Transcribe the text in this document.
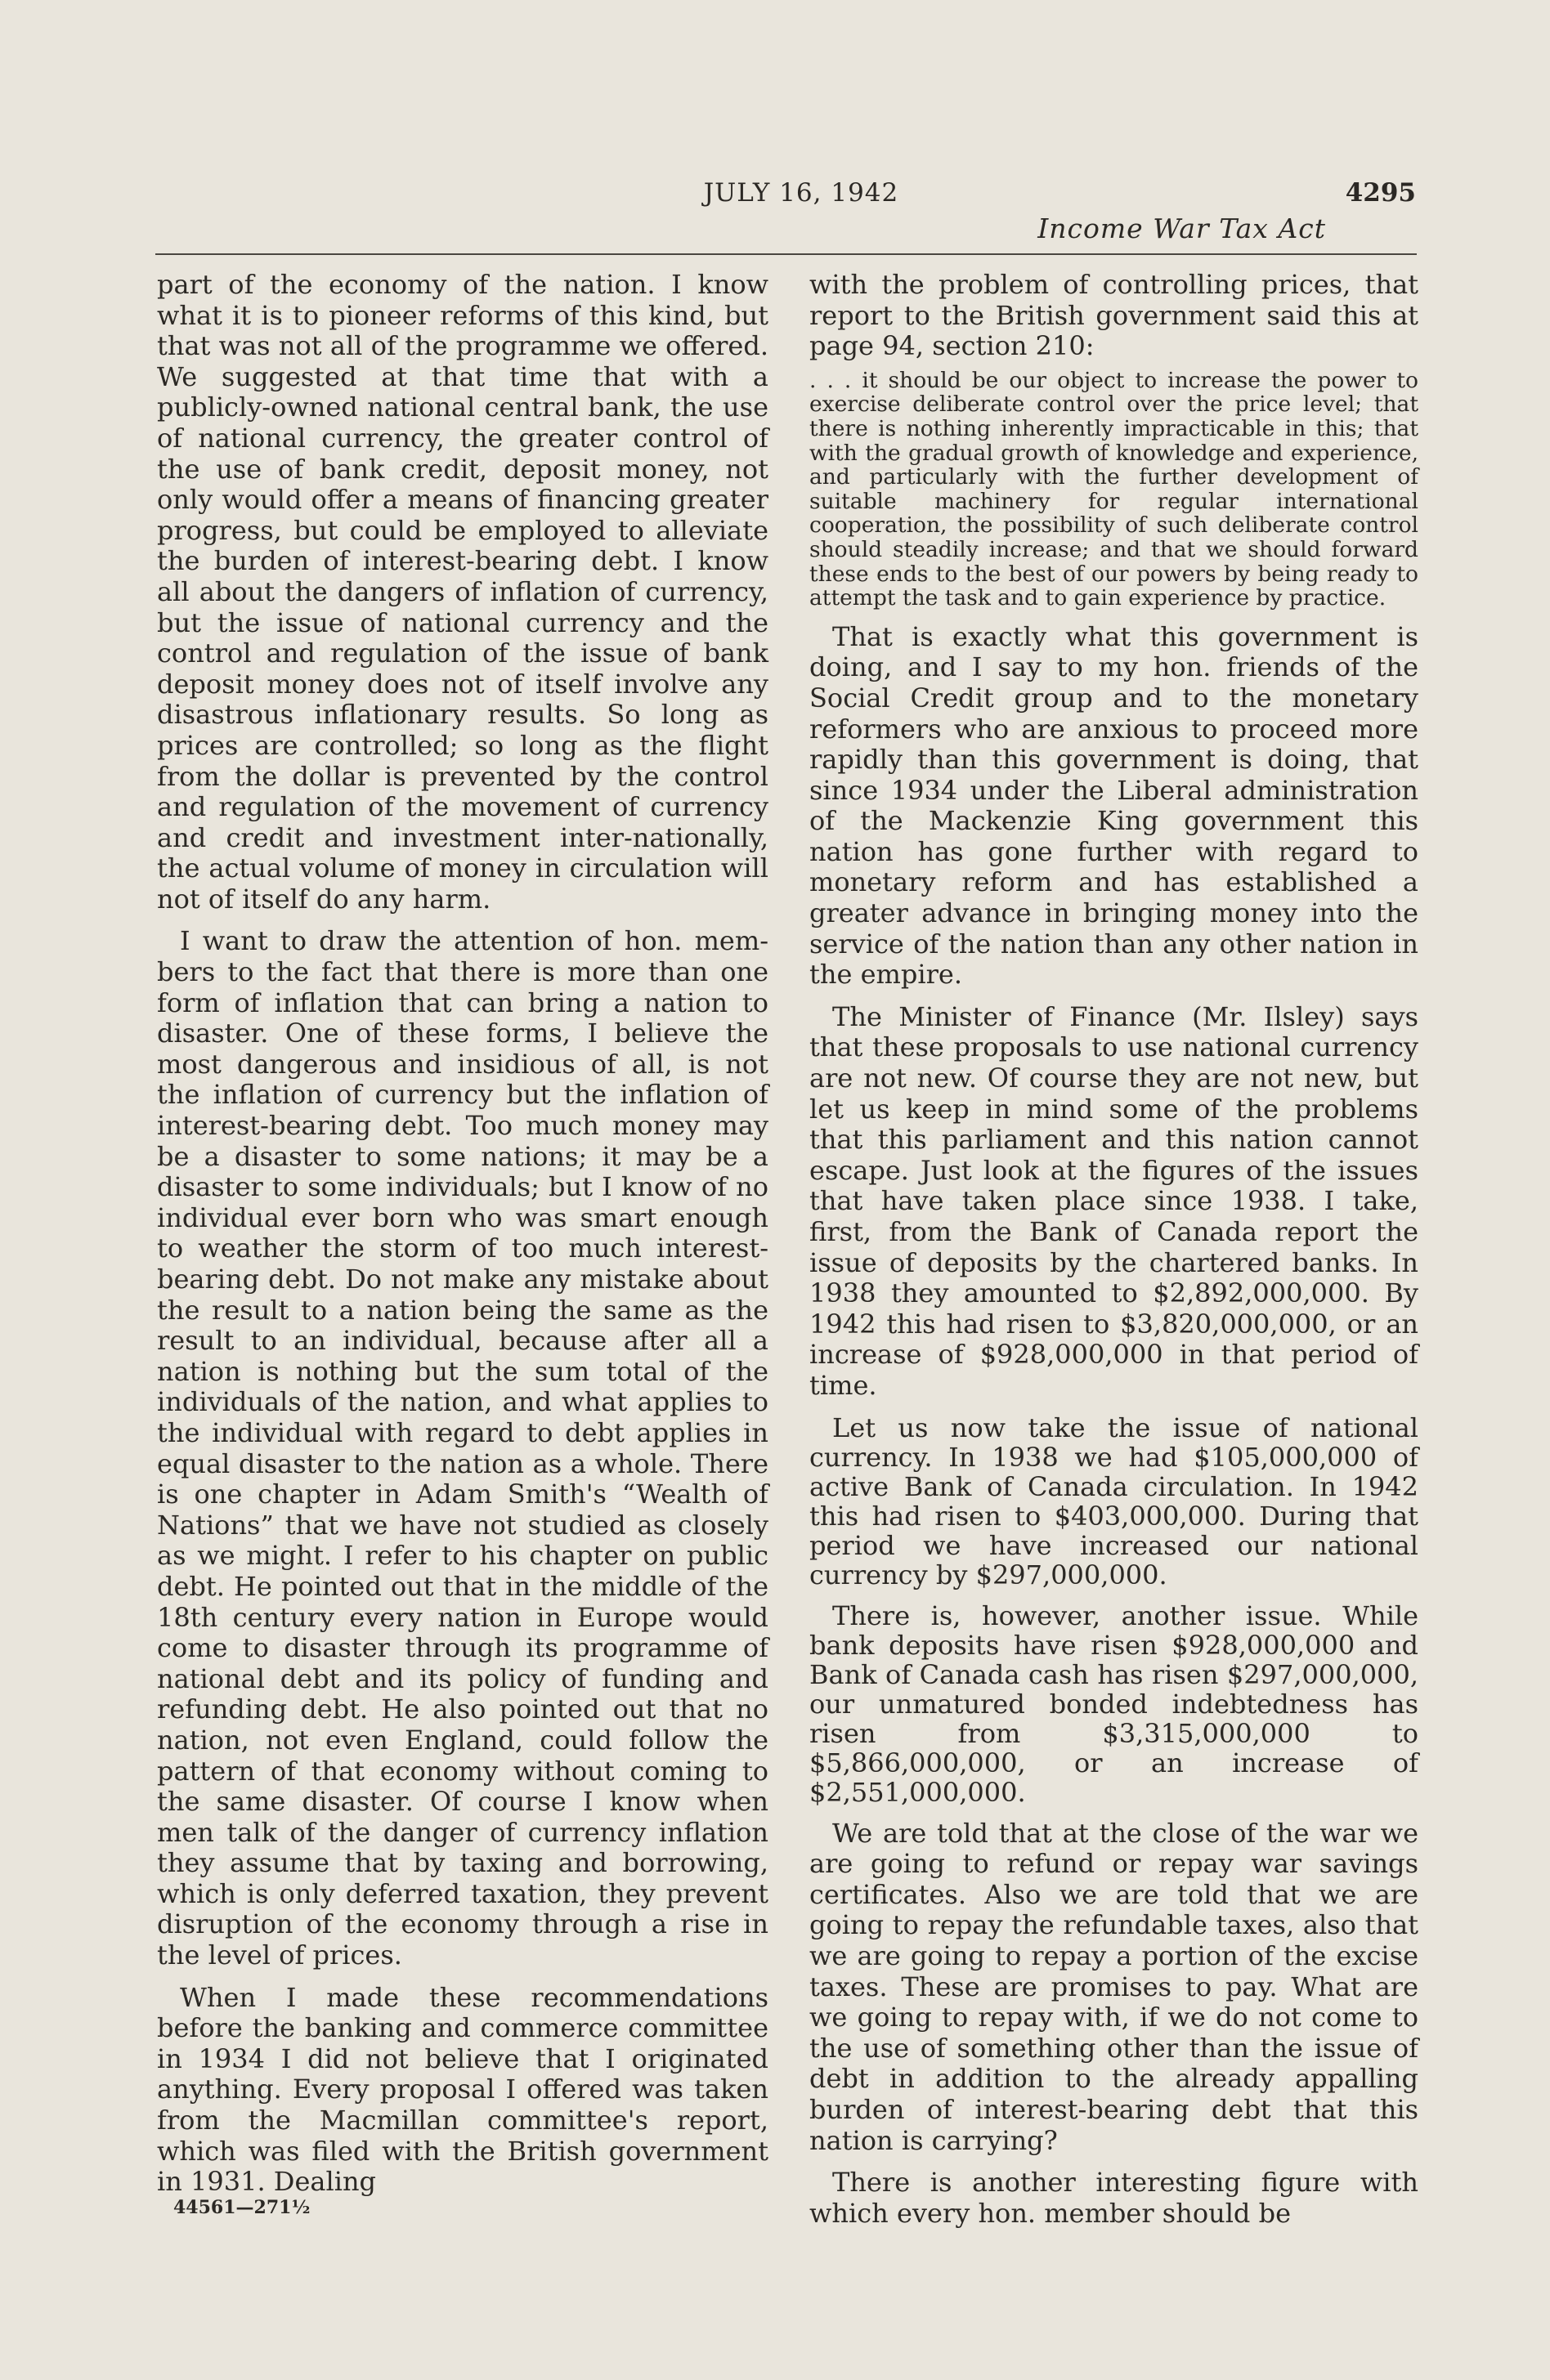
JULY 16, 1942	4295
Income War Tax Act

part of the economy of the nation. I know what it is to pioneer reforms of this kind, but that was not all of the programme we offered. We suggested at that time that with a publicly-owned national central bank, the use of national currency, the greater control of the use of bank credit, deposit money, not only would offer a means of financing greater progress, but could be employed to alleviate the burden of interest-bearing debt. I know all about the dangers of inflation of currency, but the issue of national currency and the control and regulation of the issue of bank deposit money does not of itself involve any disastrous inflationary results. So long as prices are controlled; so long as the flight from the dollar is prevented by the control and regulation of the movement of currency and credit and investment inter-nationally, the actual volume of money in circulation will not of itself do any harm.

I want to draw the attention of hon. mem-bers to the fact that there is more than one form of inflation that can bring a nation to disaster. One of these forms, I believe the most dangerous and insidious of all, is not the inflation of currency but the inflation of interest-bearing debt. Too much money may be a disaster to some nations; it may be a disaster to some individuals; but I know of no individual ever born who was smart enough to weather the storm of too much interest-bearing debt. Do not make any mistake about the result to a nation being the same as the result to an individual, because after all a nation is nothing but the sum total of the individuals of the nation, and what applies to the individual with regard to debt applies in equal disaster to the nation as a whole. There is one chapter in Adam Smith's “Wealth of Nations” that we have not studied as closely as we might. I refer to his chapter on public debt. He pointed out that in the middle of the 18th century every nation in Europe would come to disaster through its programme of national debt and its policy of funding and refunding debt. He also pointed out that no nation, not even England, could follow the pattern of that economy without coming to the same disaster. Of course I know when men talk of the danger of currency inflation they assume that by taxing and borrowing, which is only deferred taxation, they prevent disruption of the economy through a rise in the level of prices.

When I made these recommendations before the banking and commerce committee in 1934 I did not believe that I originated anything. Every proposal I offered was taken from the Macmillan committee's report, which was filed with the British government in 1931. Dealing

with the problem of controlling prices, that report to the British government said this at page 94, section 210:

. . . it should be our object to increase the power to exercise deliberate control over the price level; that there is nothing inherently impracticable in this; that with the gradual growth of knowledge and experience, and particularly with the further development of suitable machinery for regular international cooperation, the possibility of such deliberate control should steadily increase; and that we should forward these ends to the best of our powers by being ready to attempt the task and to gain experience by practice.

That is exactly what this government is doing, and I say to my hon. friends of the Social Credit group and to the monetary reformers who are anxious to proceed more rapidly than this government is doing, that since 1934 under the Liberal administration of the Mackenzie King government this nation has gone further with regard to monetary reform and has established a greater advance in bringing money into the service of the nation than any other nation in the empire.

The Minister of Finance (Mr. Ilsley) says that these proposals to use national currency are not new. Of course they are not new, but let us keep in mind some of the problems that this parliament and this nation cannot escape. Just look at the figures of the issues that have taken place since 1938. I take, first, from the Bank of Canada report the issue of deposits by the chartered banks. In 1938 they amounted to $2,892,000,000. By 1942 this had risen to $3,820,000,000, or an increase of $928,000,000 in that period of time.

Let us now take the issue of national currency. In 1938 we had $105,000,000 of active Bank of Canada circulation. In 1942 this had risen to $403,000,000. During that period we have increased our national currency by $297,000,000.

There is, however, another issue. While bank deposits have risen $928,000,000 and Bank of Canada cash has risen $297,000,000, our unmatured bonded indebtedness has risen from $3,315,000,000 to $5,866,000,000, or an increase of $2,551,000,000.

We are told that at the close of the war we are going to refund or repay war savings certificates. Also we are told that we are going to repay the refundable taxes, also that we are going to repay a portion of the excise taxes. These are promises to pay. What are we going to repay with, if we do not come to the use of something other than the issue of debt in addition to the already appalling burden of interest-bearing debt that this nation is carrying?

There is another interesting figure with which every hon. member should be

44561—271½
